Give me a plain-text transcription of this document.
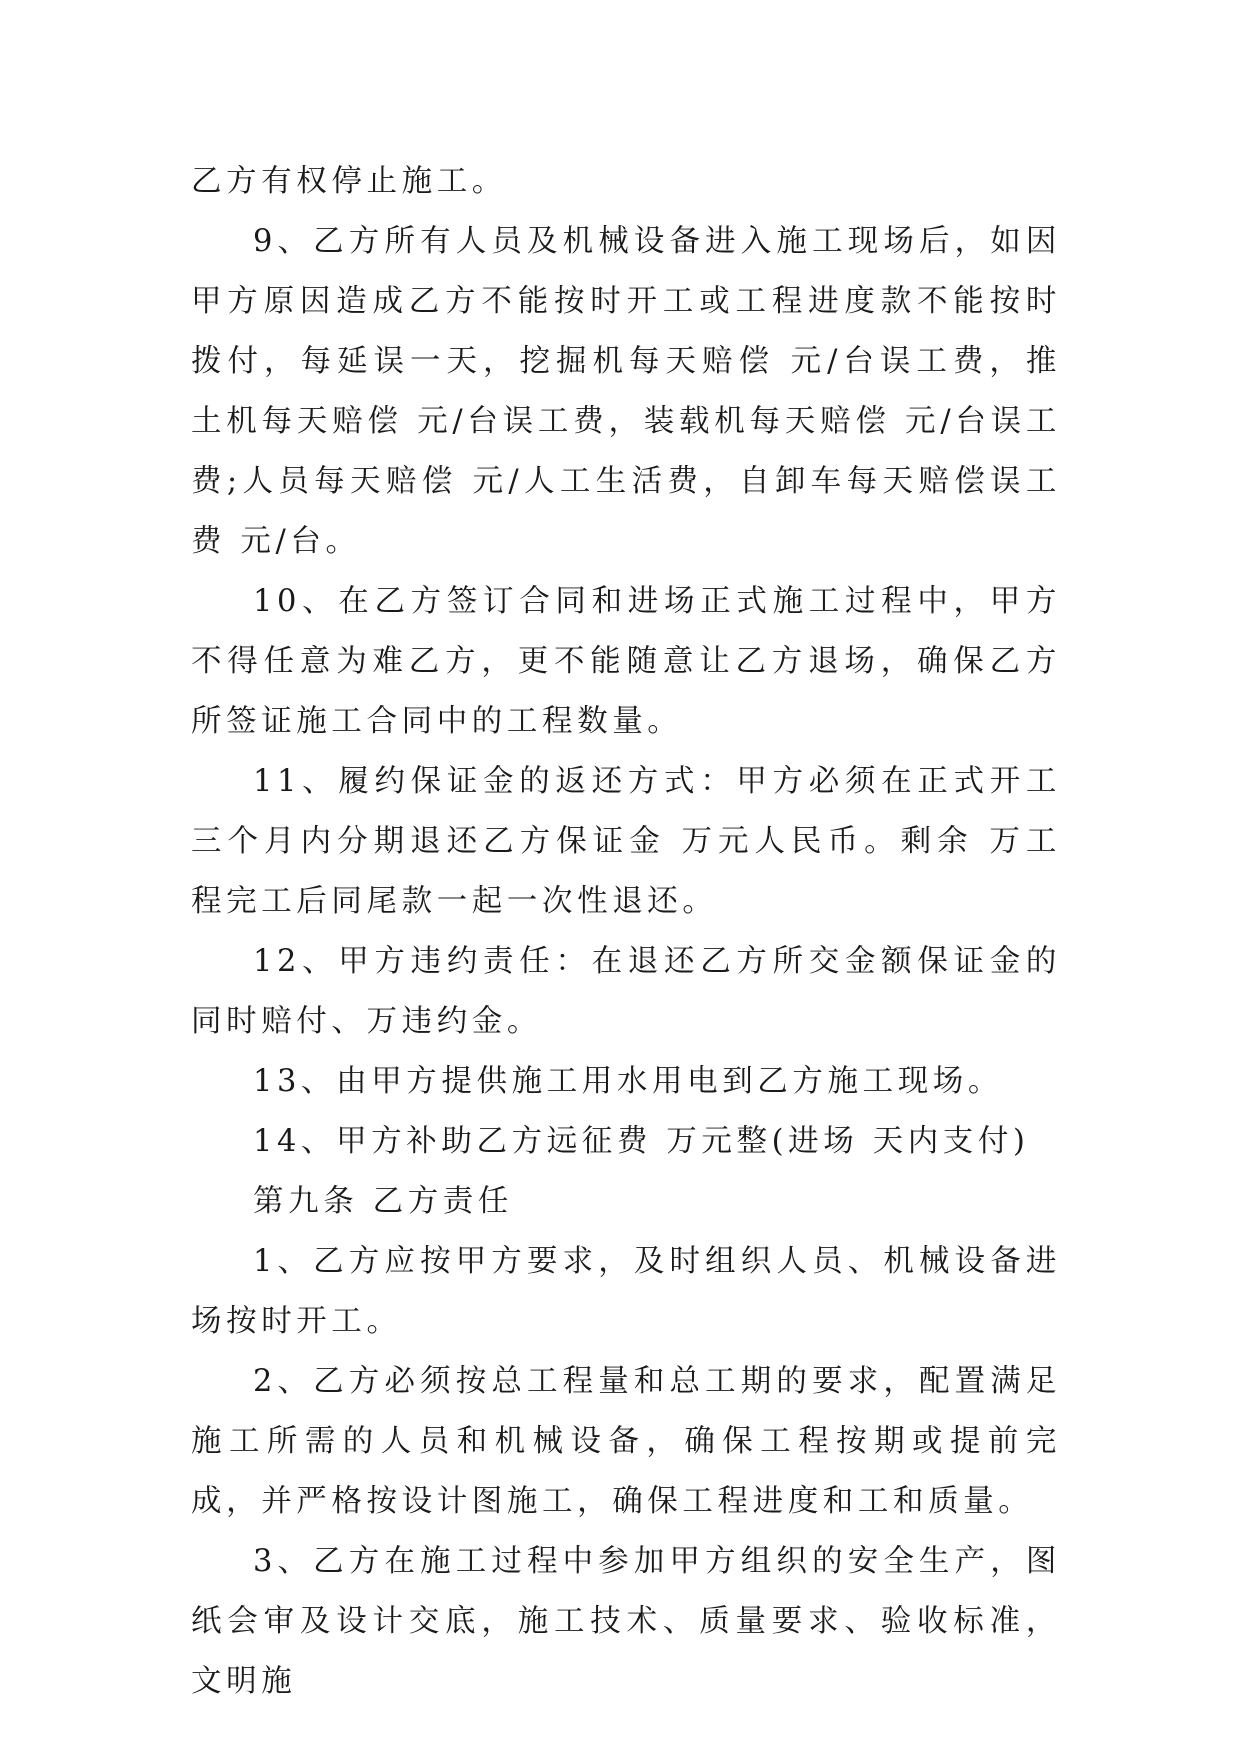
乙方有权停止施工。

9、乙方所有人员及机械设备进入施工现场后，如因甲方原因造成乙方不能按时开工或工程进度款不能按时拨付，每延误一天，挖掘机每天赔偿 元/台误工费，推土机每天赔偿 元/台误工费，装载机每天赔偿 元/台误工费;人员每天赔偿 元/人工生活费，自卸车每天赔偿误工费 元/台。

10、在乙方签订合同和进场正式施工过程中，甲方不得任意为难乙方，更不能随意让乙方退场，确保乙方所签证施工合同中的工程数量。

11、履约保证金的返还方式：甲方必须在正式开工三个月内分期退还乙方保证金 万元人民币。剩余 万工程完工后同尾款一起一次性退还。

12、甲方违约责任：在退还乙方所交金额保证金的同时赔付、万违约金。

13、由甲方提供施工用水用电到乙方施工现场。

14、甲方补助乙方远征费 万元整(进场 天内支付)

第九条 乙方责任

1、乙方应按甲方要求，及时组织人员、机械设备进场按时开工。

2、乙方必须按总工程量和总工期的要求，配置满足施工所需的人员和机械设备，确保工程按期或提前完成，并严格按设计图施工，确保工程进度和工和质量。

3、乙方在施工过程中参加甲方组织的安全生产，图纸会审及设计交底，施工技术、质量要求、验收标准，文明施
